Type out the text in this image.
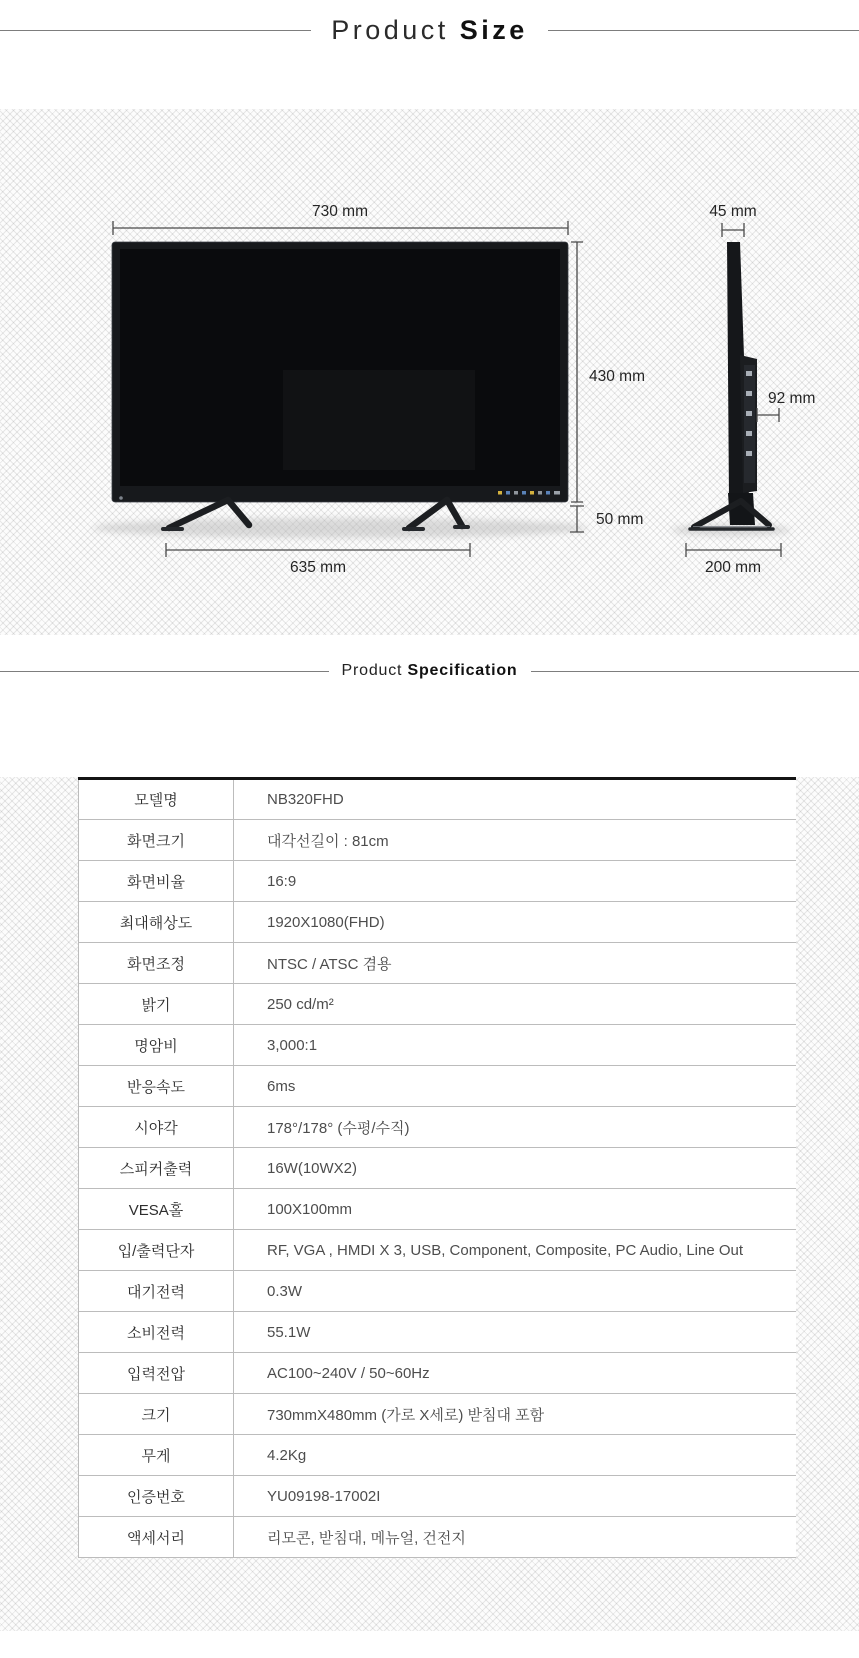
Product Size
730 mm
430 mm
50 mm
635 mm
45 mm
92 mm
200 mm
Product Specification
모델명	NB320FHD
화면크기	대각선길이 : 81cm
화면비율	16:9
최대해상도	1920X1080(FHD)
화면조정	NTSC / ATSC 겸용
밝기	250 cd/m²
명암비	3,000:1
반응속도	6ms
시야각	178°/178° (수평/수직)
스피커출력	16W(10WX2)
VESA홀	100X100mm
입/출력단자	RF, VGA , HMDI X 3, USB, Component, Composite, PC Audio, Line Out
대기전력	0.3W
소비전력	55.1W
입력전압	AC100~240V / 50~60Hz
크기	730mmX480mm (가로 X세로) 받침대 포함
무게	4.2Kg
인증번호	YU09198-17002I
액세서리	리모콘, 받침대, 메뉴얼, 건전지
